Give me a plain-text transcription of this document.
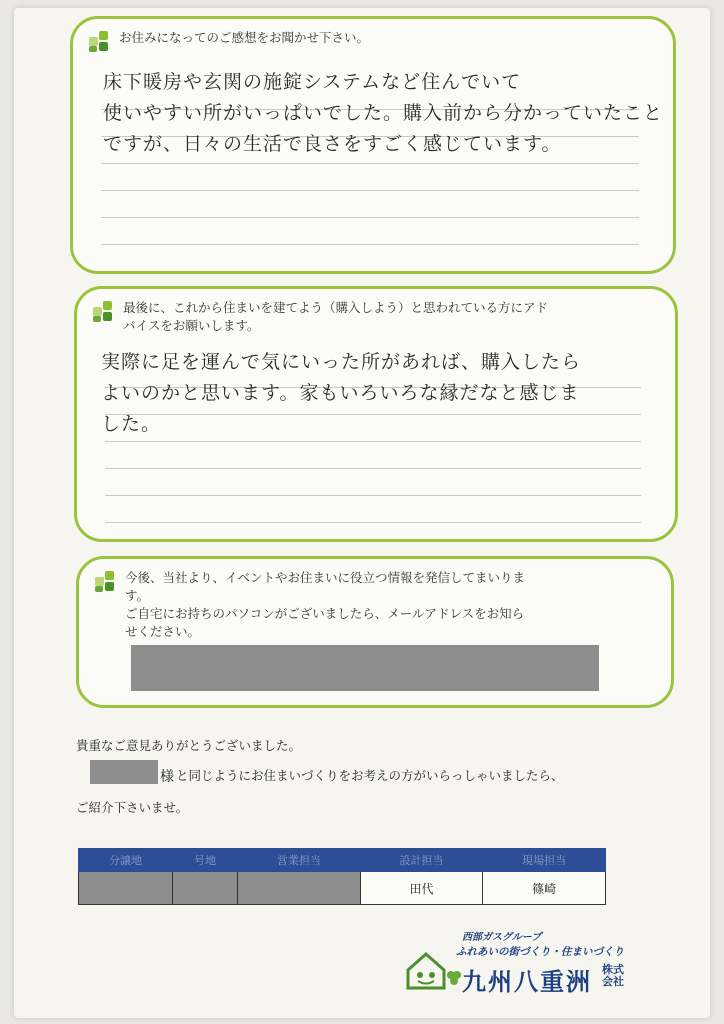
お住みになってのご感想をお聞かせ下さい。
床下暖房や玄関の施錠システムなど住んでいて
使いやすい所がいっぱいでした。購入前から分かっていたこと
ですが、日々の生活で良さをすごく感じています。
最後に、これから住まいを建てよう（購入しよう）と思われている方にアド
バイスをお願いします。
実際に足を運んで気にいった所があれば、購入したら
よいのかと思います。家もいろいろな縁だなと感じま
した。
今後、当社より、イベントやお住まいに役立つ情報を発信してまいりま
す。
ご自宅にお持ちのパソコンがございましたら、メールアドレスをお知ら
せください。
貴重なご意見ありがとうございました。
様 と同じようにお住まいづくりをお考えの方がいらっしゃいましたら、
ご紹介下さいませ。
分譲地	号地	営業担当	設計担当	現場担当
			田代	篠崎
西部ガスグループ
ふれあいの街づくり・住まいづくり
九州八重洲 株式会社
